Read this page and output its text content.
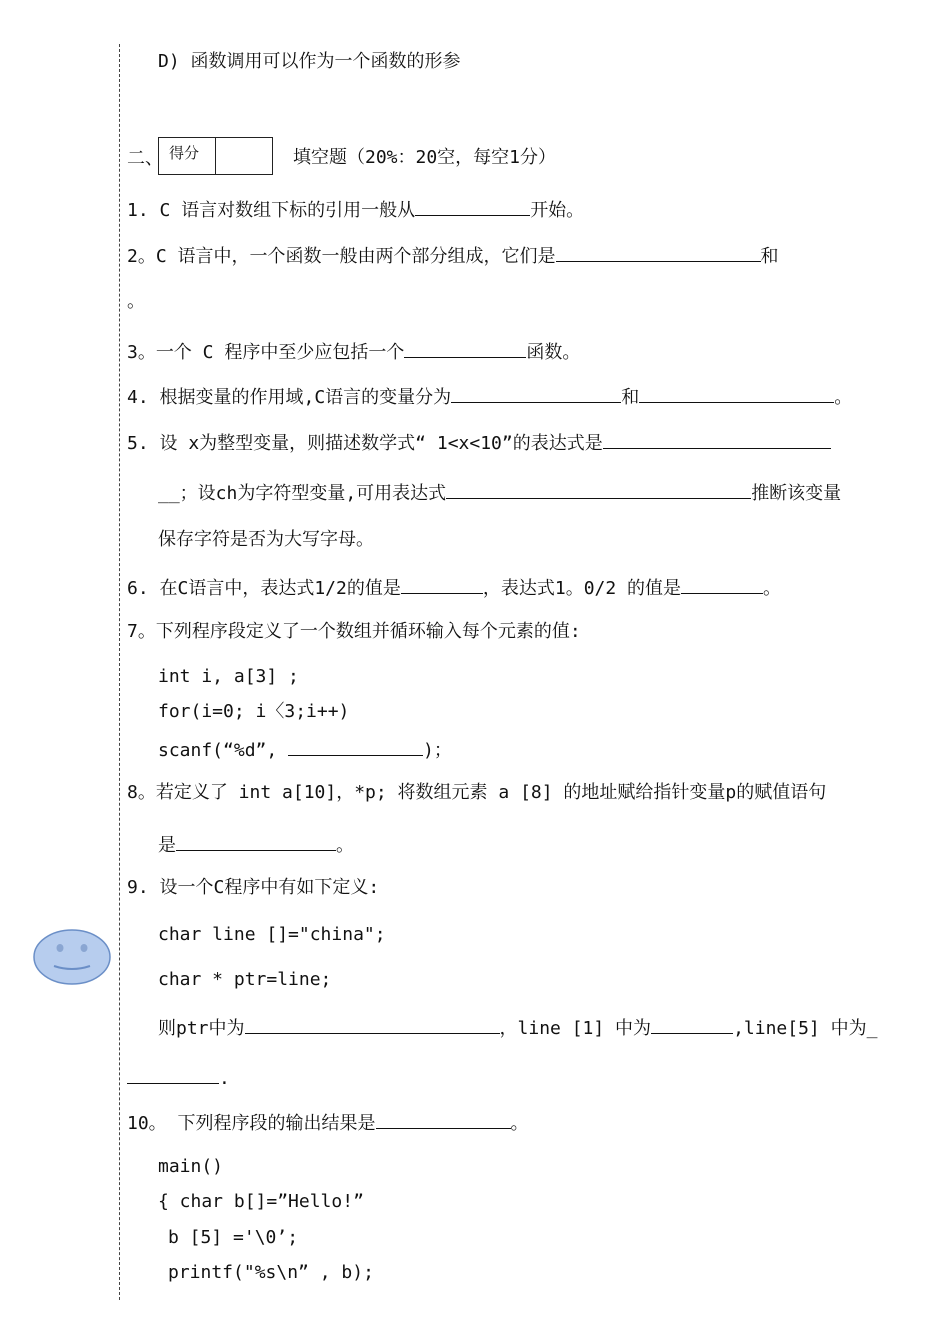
D) 函数调用可以作为一个函数的形参
二、 得分	填空题（20%：20空，每空1分）
1. C 语言对数组下标的引用一般从	开始。
2。C 语言中，一个函数一般由两个部分组成，它们是	和
。
3。一个 C 程序中至少应包括一个	函数。
4. 根据变量的作用域,C语言的变量分为	和	。
5. 设 x为整型变量，则描述数学式“ 1<x<10”的表达式是
__；设ch为字符型变量,可用表达式	推断该变量
保存字符是否为大写字母。
6. 在C语言中，表达式1/2的值是	，表达式1。0/2 的值是	。
7。下列程序段定义了一个数组并循环输入每个元素的值:
int i, a[3] ;
for(i=0; i〈3;i++)
scanf(“%d”,	)；
8。若定义了 int a[10]，*p; 将数组元素 a [8] 的地址赋给指针变量p的赋值语句
是	。
9. 设一个C程序中有如下定义:
char line []="china";
char * ptr=line;
则ptr中为	，line [1] 中为	,line[5] 中为_
.
10。 下列程序段的输出结果是	。
main()
{ char b[]=”Hello!”
b [5] ='\0’;
printf("%s\n” , b);
